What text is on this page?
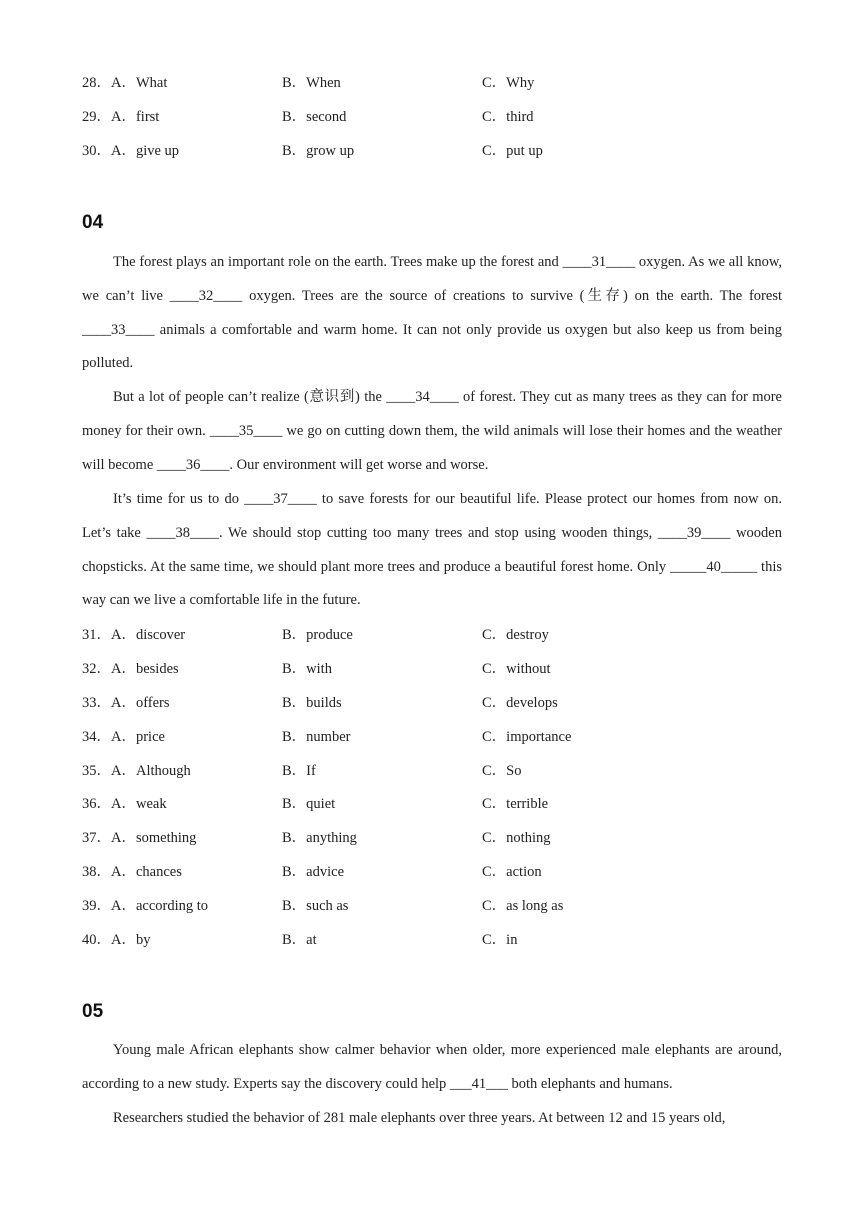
28．A．What	B．When	C．Why
29．A．first	B．second	C．third
30．A．give up	B．grow up	C．put up
04
The forest plays an important role on the earth. Trees make up the forest and ____31____ oxygen. As we all know, we can’t live ____32____ oxygen. Trees are the source of creations to survive (生存) on the earth. The forest ____33____ animals a comfortable and warm home. It can not only provide us oxygen but also keep us from being polluted.
But a lot of people can’t realize (意识到) the ____34____ of forest. They cut as many trees as they can for more money for their own. ____35____ we go on cutting down them, the wild animals will lose their homes and the weather will become ____36____. Our environment will get worse and worse.
It’s time for us to do ____37____ to save forests for our beautiful life. Please protect our homes from now on. Let’s take ____38____. We should stop cutting too many trees and stop using wooden things, ____39____ wooden chopsticks. At the same time, we should plant more trees and produce a beautiful forest home. Only _____40_____ this way can we live a comfortable life in the future.
31．A．discover	B．produce	C．destroy
32．A．besides	B．with	C．without
33．A．offers	B．builds	C．develops
34．A．price	B．number	C．importance
35．A．Although	B．If	C．So
36．A．weak	B．quiet	C．terrible
37．A．something	B．anything	C．nothing
38．A．chances	B．advice	C．action
39．A．according to	B．such as	C．as long as
40．A．by	B．at	C．in
05
Young male African elephants show calmer behavior when older, more experienced male elephants are around, according to a new study. Experts say the discovery could help ___41___ both elephants and humans.
Researchers studied the behavior of 281 male elephants over three years. At between 12 and 15 years old,
